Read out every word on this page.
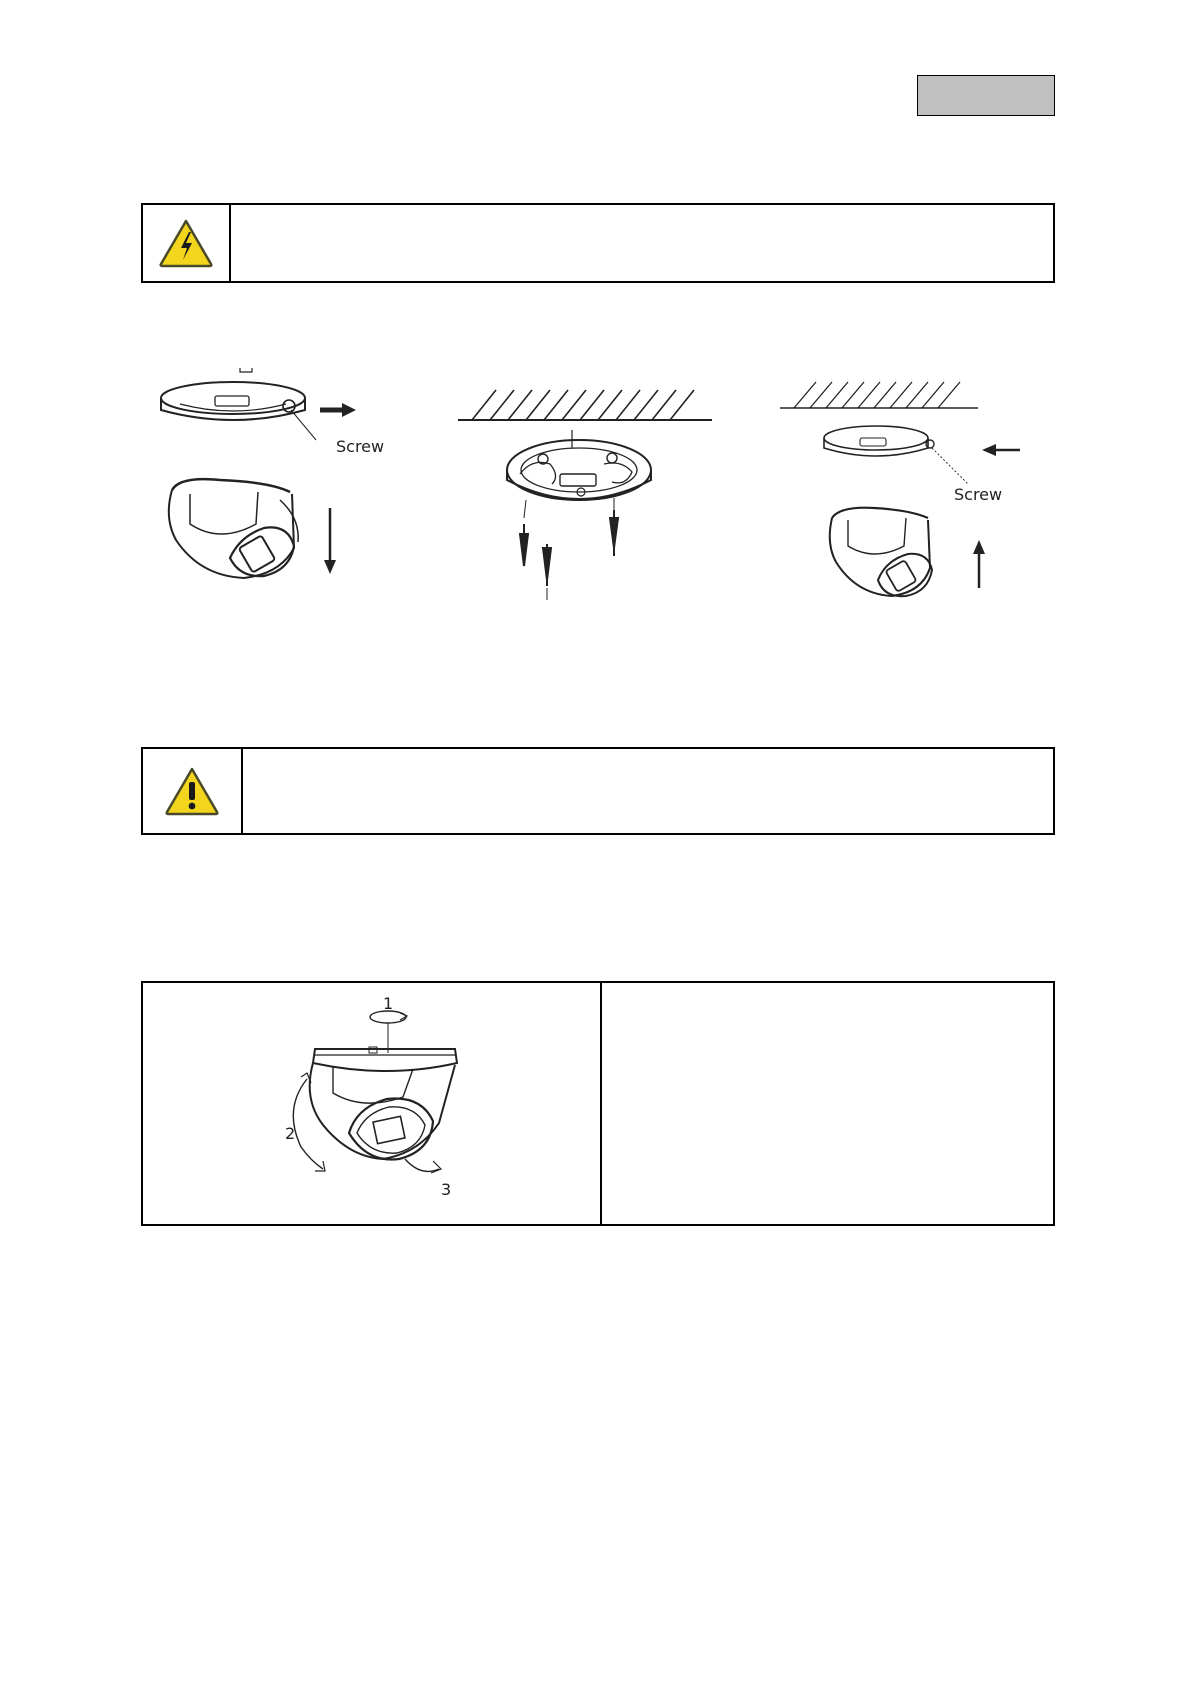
Screw
Screw
1
2
3
